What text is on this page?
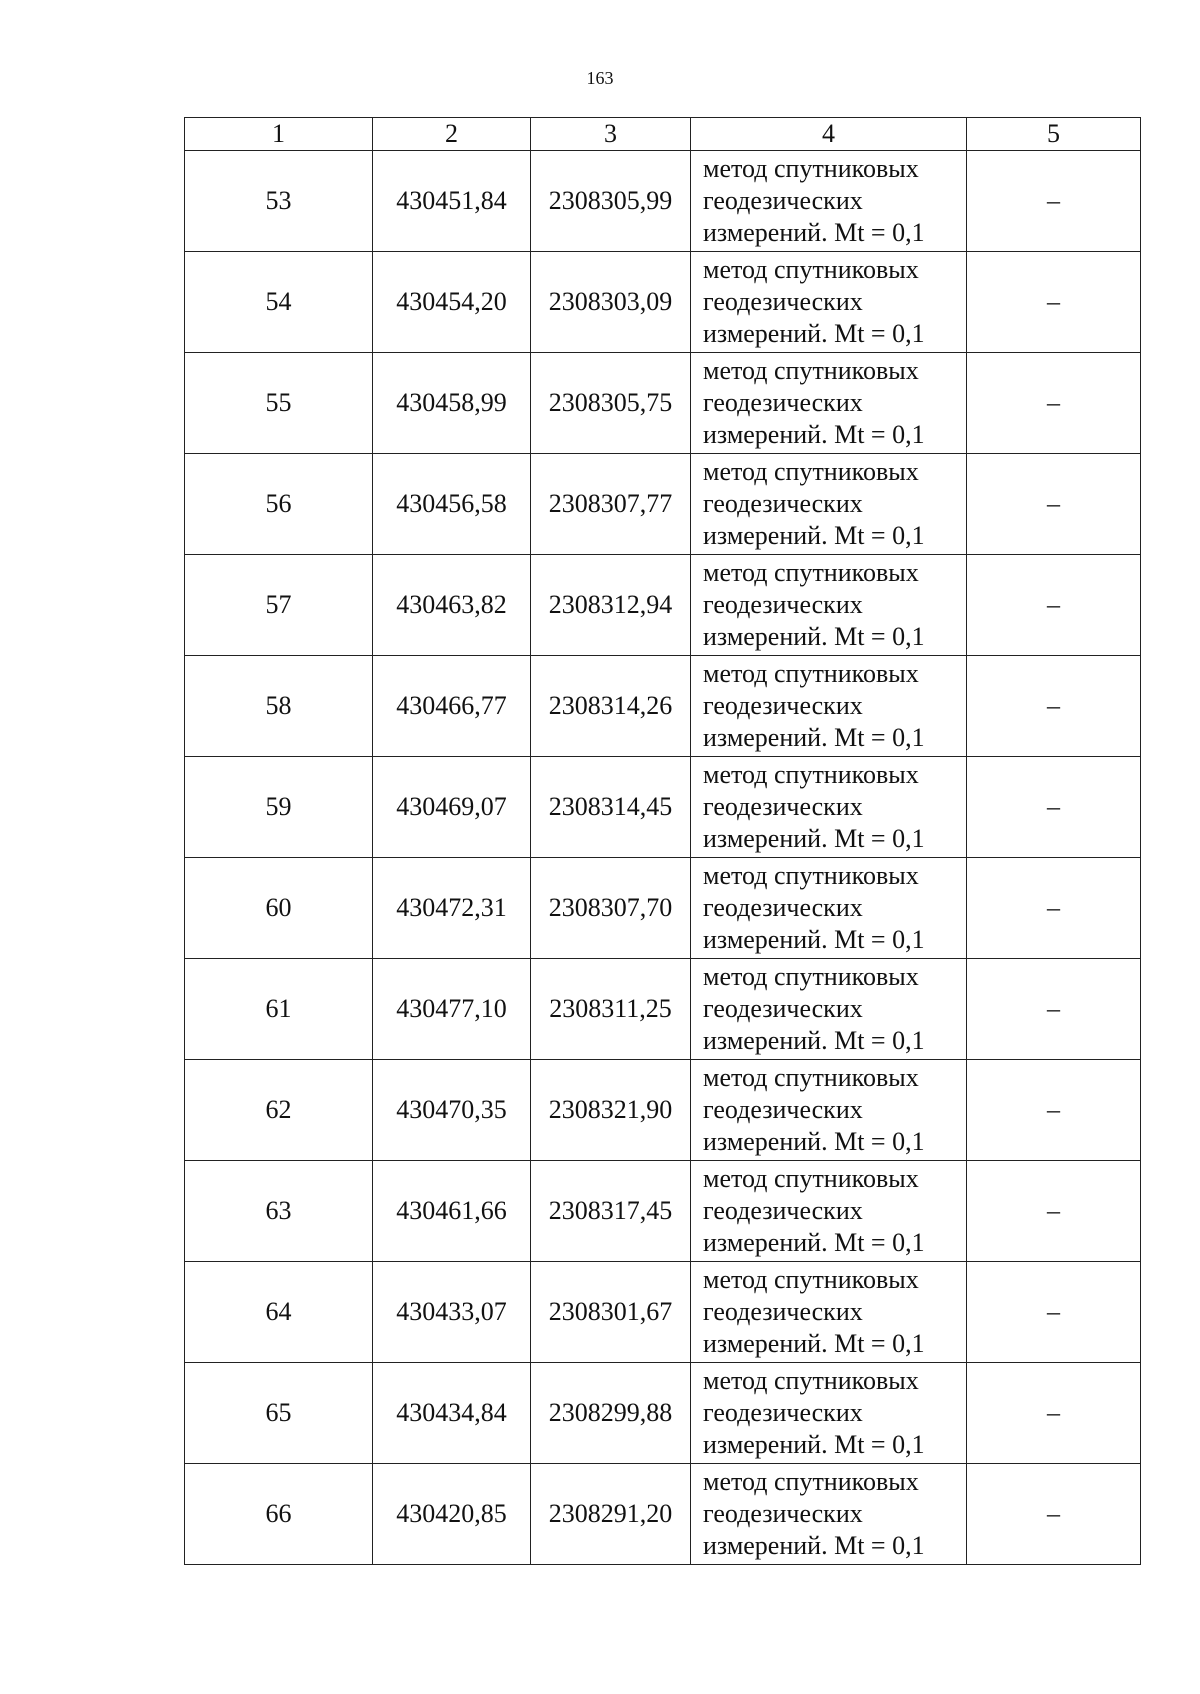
163
1	2	3	4	5
53	430451,84	2308305,99	метод спутниковых
геодезических
измерений. Mt = 0,1	–
54	430454,20	2308303,09	метод спутниковых
геодезических
измерений. Mt = 0,1	–
55	430458,99	2308305,75	метод спутниковых
геодезических
измерений. Mt = 0,1	–
56	430456,58	2308307,77	метод спутниковых
геодезических
измерений. Mt = 0,1	–
57	430463,82	2308312,94	метод спутниковых
геодезических
измерений. Mt = 0,1	–
58	430466,77	2308314,26	метод спутниковых
геодезических
измерений. Mt = 0,1	–
59	430469,07	2308314,45	метод спутниковых
геодезических
измерений. Mt = 0,1	–
60	430472,31	2308307,70	метод спутниковых
геодезических
измерений. Mt = 0,1	–
61	430477,10	2308311,25	метод спутниковых
геодезических
измерений. Mt = 0,1	–
62	430470,35	2308321,90	метод спутниковых
геодезических
измерений. Mt = 0,1	–
63	430461,66	2308317,45	метод спутниковых
геодезических
измерений. Mt = 0,1	–
64	430433,07	2308301,67	метод спутниковых
геодезических
измерений. Mt = 0,1	–
65	430434,84	2308299,88	метод спутниковых
геодезических
измерений. Mt = 0,1	–
66	430420,85	2308291,20	метод спутниковых
геодезических
измерений. Mt = 0,1	–
